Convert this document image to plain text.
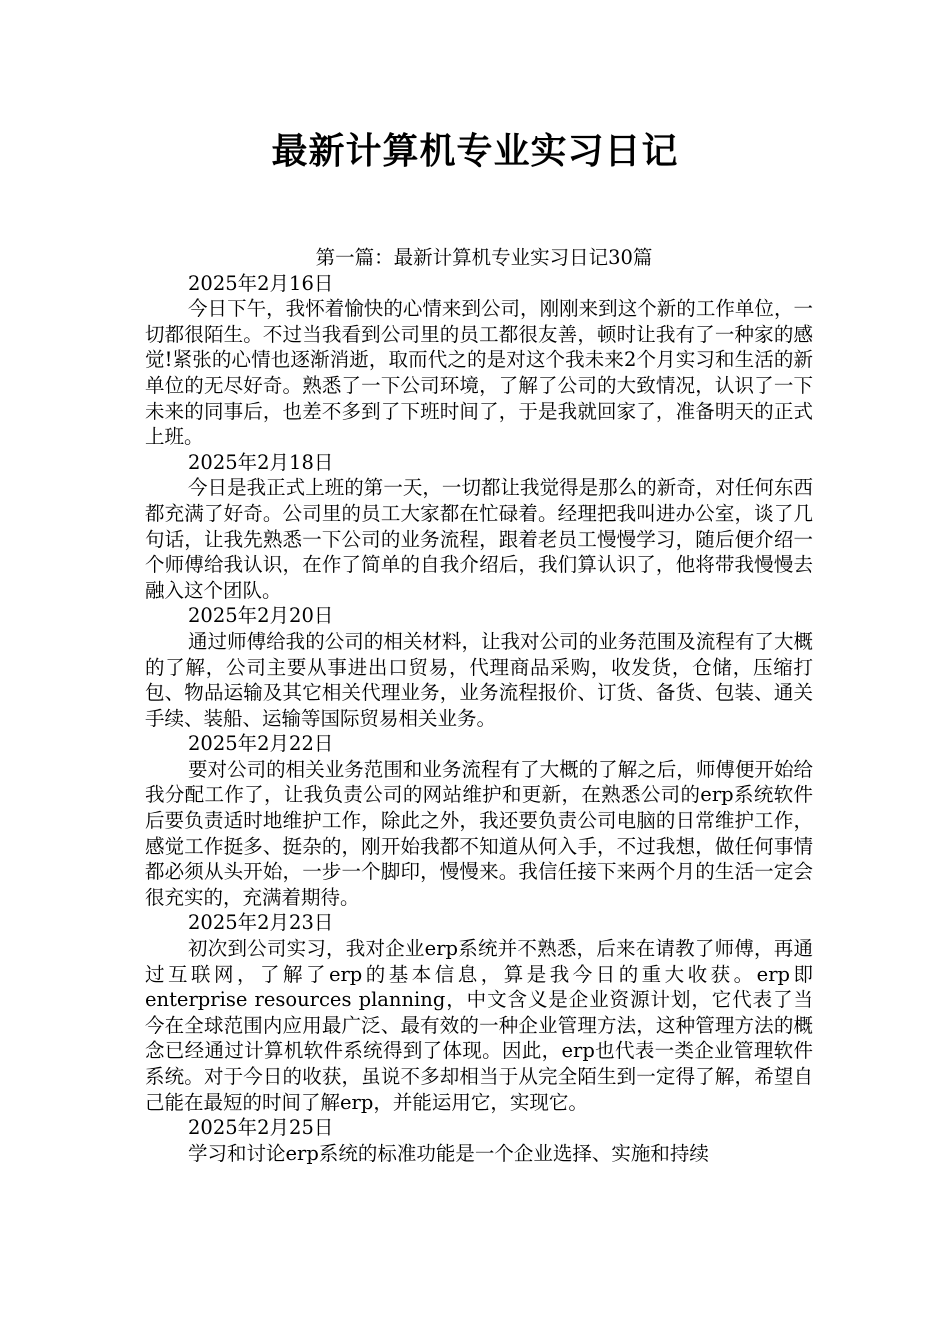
最新计算机专业实习日记

第一篇：最新计算机专业实习日记30篇

2025年2月16日

今日下午，我怀着愉快的心情来到公司，刚刚来到这个新的工作单位，一切都很陌生。不过当我看到公司里的员工都很友善，顿时让我有了一种家的感觉!紧张的心情也逐渐消逝，取而代之的是对这个我未来2个月实习和生活的新单位的无尽好奇。熟悉了一下公司环境，了解了公司的大致情况，认识了一下未来的同事后，也差不多到了下班时间了，于是我就回家了，准备明天的正式上班。

2025年2月18日

今日是我正式上班的第一天，一切都让我觉得是那么的新奇，对任何东西都充满了好奇。公司里的员工大家都在忙碌着。经理把我叫进办公室，谈了几句话，让我先熟悉一下公司的业务流程，跟着老员工慢慢学习，随后便介绍一个师傅给我认识，在作了简单的自我介绍后，我们算认识了，他将带我慢慢去融入这个团队。

2025年2月20日

通过师傅给我的公司的相关材料，让我对公司的业务范围及流程有了大概的了解，公司主要从事进出口贸易，代理商品采购，收发货，仓储，压缩打包、物品运输及其它相关代理业务，业务流程报价、订货、备货、包装、通关手续、装船、运输等国际贸易相关业务。

2025年2月22日

要对公司的相关业务范围和业务流程有了大概的了解之后，师傅便开始给我分配工作了，让我负责公司的网站维护和更新，在熟悉公司的erp系统软件后要负责适时地维护工作，除此之外，我还要负责公司电脑的日常维护工作，感觉工作挺多、挺杂的，刚开始我都不知道从何入手，不过我想，做任何事情都必须从头开始，一步一个脚印，慢慢来。我信任接下来两个月的生活一定会很充实的，充满着期待。

2025年2月23日

初次到公司实习，我对企业erp系统并不熟悉，后来在请教了师傅，再通过互联网，了解了erp的基本信息，算是我今日的重大收获。erp即enterprise resources planning，中文含义是企业资源计划，它代表了当今在全球范围内应用最广泛、最有效的一种企业管理方法，这种管理方法的概念已经通过计算机软件系统得到了体现。因此，erp也代表一类企业管理软件系统。对于今日的收获，虽说不多却相当于从完全陌生到一定得了解，希望自己能在最短的时间了解erp，并能运用它，实现它。

2025年2月25日

学习和讨论erp系统的标准功能是一个企业选择、实施和持续
